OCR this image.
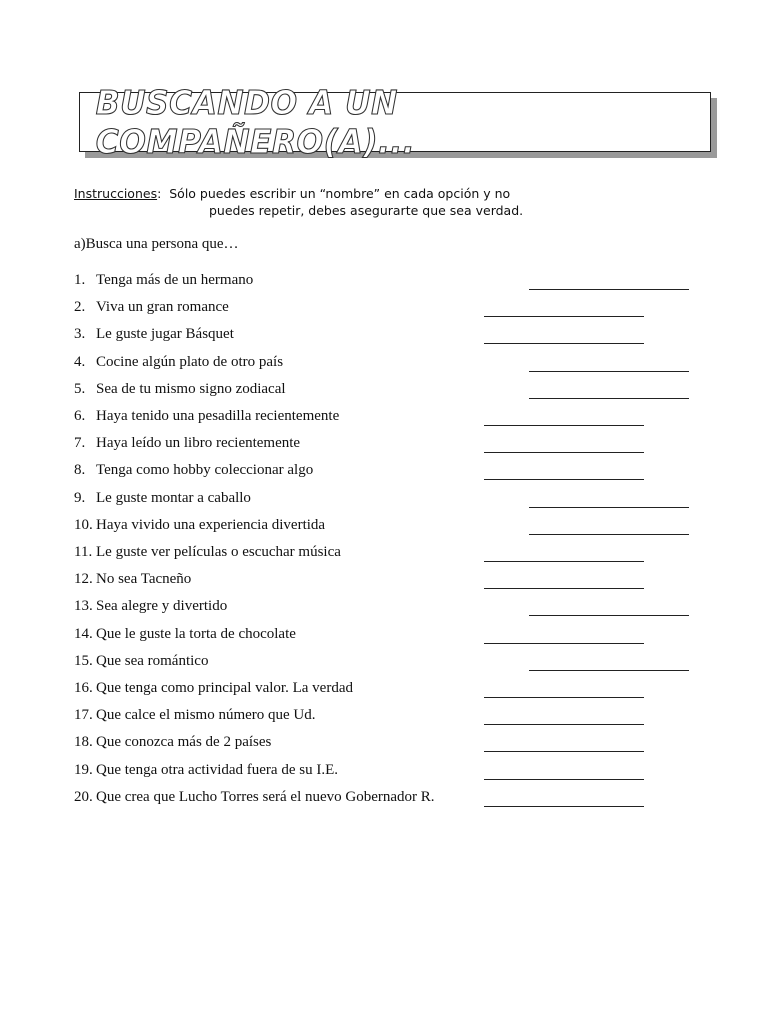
BUSCANDO A UN COMPAÑERO(A)...
Instrucciones:  Sólo puedes escribir un “nombre” en cada opción y no
puedes repetir, debes asegurarte que sea verdad.
a)Busca una persona que…
1. Tenga más de un hermano
2. Viva un gran romance
3. Le guste jugar Básquet
4. Cocine algún plato de otro país
5. Sea de tu mismo signo zodiacal
6. Haya tenido una pesadilla recientemente
7. Haya leído un libro recientemente
8. Tenga como hobby coleccionar algo
9. Le guste montar a caballo
10. Haya vivido una experiencia divertida
11. Le guste ver películas o escuchar música
12. No sea Tacneño
13. Sea alegre y divertido
14. Que le guste la torta de chocolate
15. Que sea romántico
16. Que tenga como principal valor. La verdad
17. Que calce el mismo número que Ud.
18. Que conozca más de 2 países
19. Que tenga otra actividad fuera de su I.E.
20. Que crea que Lucho Torres será el nuevo Gobernador R.
